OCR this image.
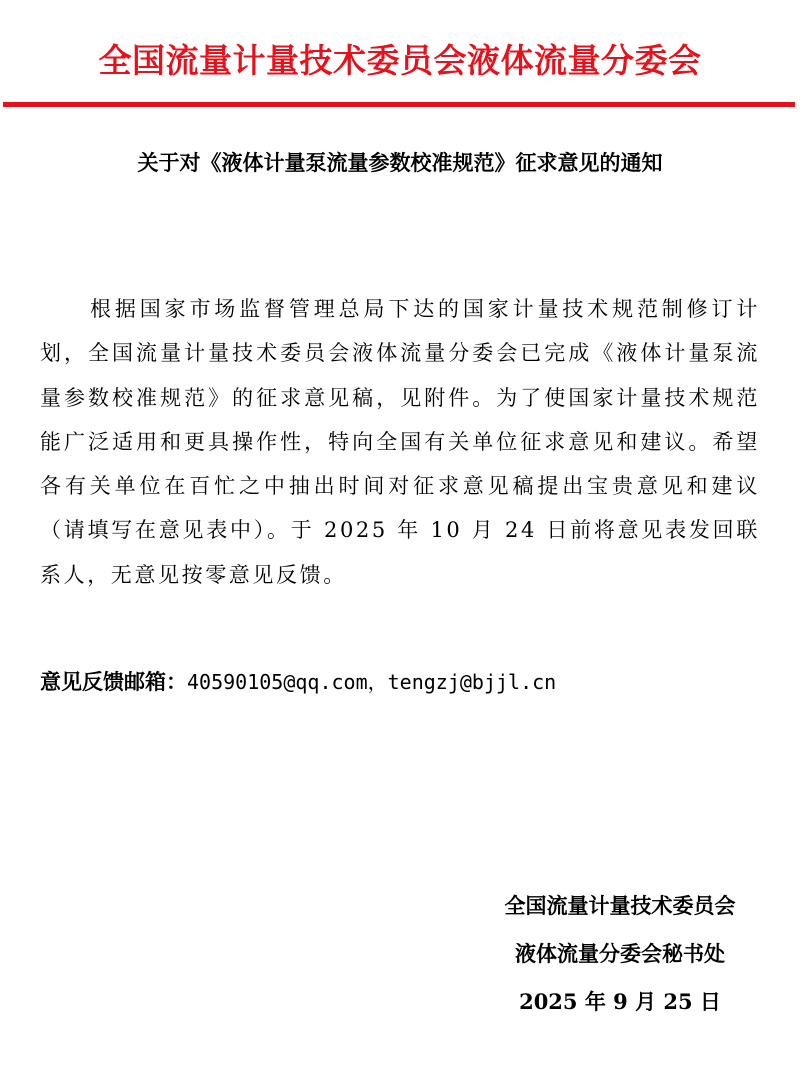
全国流量计量技术委员会液体流量分委会
关于对《液体计量泵流量参数校准规范》征求意见的通知

根据国家市场监督管理总局下达的国家计量技术规范制修订计划，全国流量计量技术委员会液体流量分委会已完成《液体计量泵流量参数校准规范》的征求意见稿，见附件。为了使国家计量技术规范能广泛适用和更具操作性，特向全国有关单位征求意见和建议。希望各有关单位在百忙之中抽出时间对征求意见稿提出宝贵意见和建议（请填写在意见表中）。于 2025 年 10 月 24 日前将意见表发回联系人，无意见按零意见反馈。

意见反馈邮箱：40590105@qq.com，tengzj@bjjl.cn
全国流量计量技术委员会
液体流量分委会秘书处
2025 年 9 月 25 日
